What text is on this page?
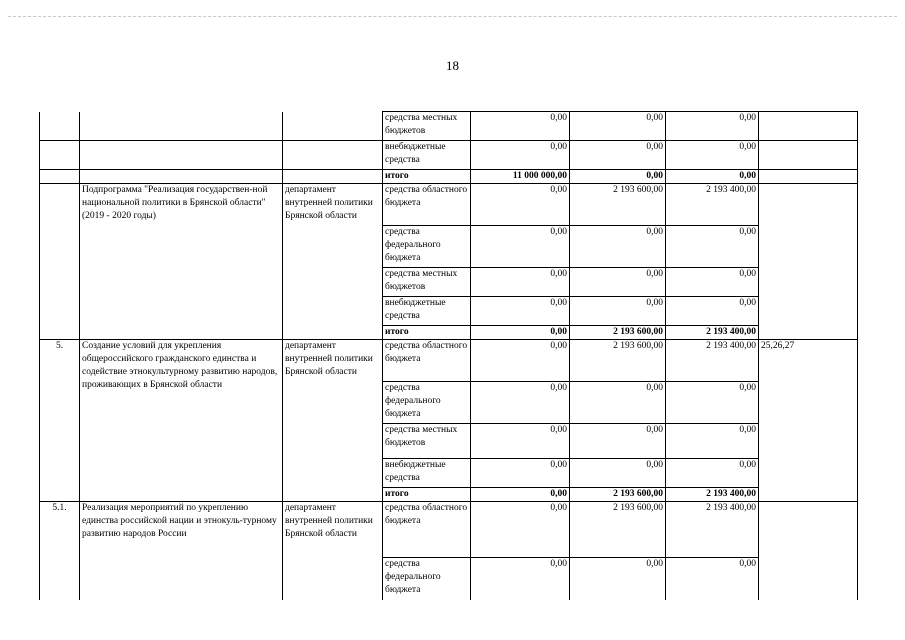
18
			средства местных бюджетов	0,00	0,00	0,00	
			внебюджетные средства	0,00	0,00	0,00	
			итого	11 000 000,00	0,00	0,00	
	Подпрограмма "Реализация государствен-ной национальной политики в Брянской области" (2019 - 2020 годы)	департамент внутренней политики Брянской области	средства областного бюджета	0,00	2 193 600,00	2 193 400,00	
			средства федерального бюджета	0,00	0,00	0,00	
			средства местных бюджетов	0,00	0,00	0,00	
			внебюджетные средства	0,00	0,00	0,00	
			итого	0,00	2 193 600,00	2 193 400,00	
5.	Создание условий для укрепления общероссийского гражданского единства и содействие этнокультурному развитию народов, проживающих в Брянской области	департамент внутренней политики Брянской области	средства областного бюджета	0,00	2 193 600,00	2 193 400,00	25,26,27
			средства федерального бюджета	0,00	0,00	0,00	
			средства местных бюджетов	0,00	0,00	0,00	
			внебюджетные средства	0,00	0,00	0,00	
			итого	0,00	2 193 600,00	2 193 400,00	
5.1.	Реализация мероприятий по укреплению единства российской нации и этнокуль-турному развитию народов России	департамент внутренней политики Брянской области	средства областного бюджета	0,00	2 193 600,00	2 193 400,00	
			средства федерального бюджета	0,00	0,00	0,00	
